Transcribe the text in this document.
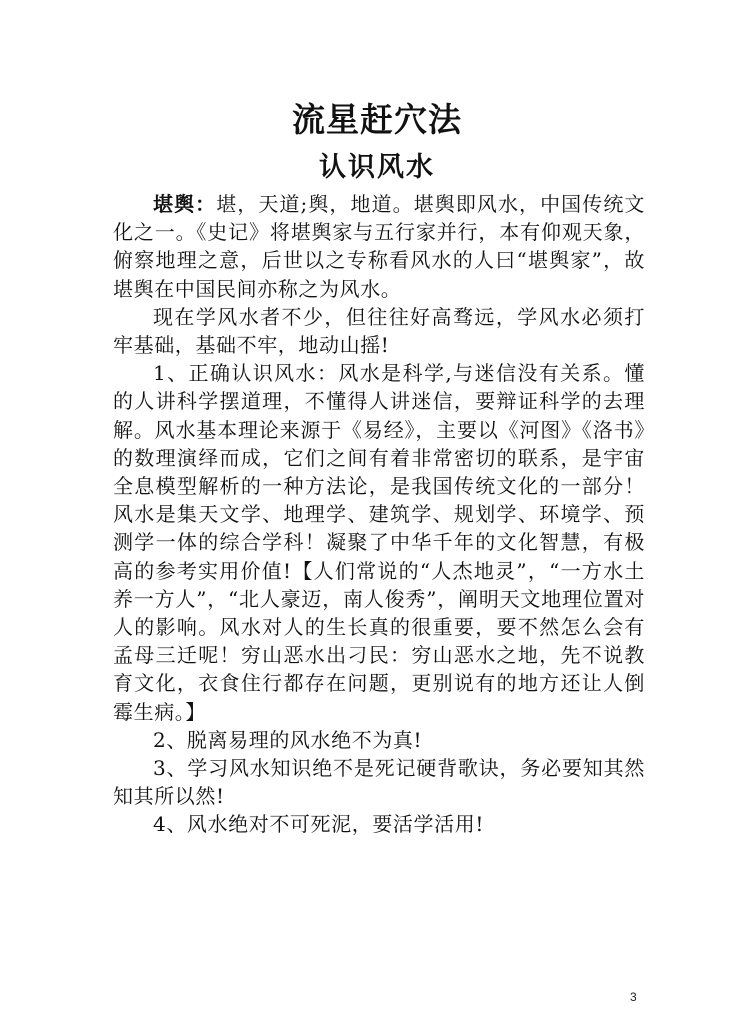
流星赶穴法
认识风水

堪舆：堪，天道;舆，地道。堪舆即风水，中国传统文化之一。《史记》将堪舆家与五行家并行，本有仰观天象，俯察地理之意，后世以之专称看风水的人曰“堪舆家”，故堪舆在中国民间亦称之为风水。

现在学风水者不少，但往往好高骛远，学风水必须打牢基础，基础不牢，地动山摇!

1、正确认识风水：风水是科学,与迷信没有关系。懂的人讲科学摆道理，不懂得人讲迷信，要辩证科学的去理解。风水基本理论来源于《易经》，主要以《河图》《洛书》的数理演绎而成，它们之间有着非常密切的联系，是宇宙全息模型解析的一种方法论，是我国传统文化的一部分！风水是集天文学、地理学、建筑学、规划学、环境学、预测学一体的综合学科！凝聚了中华千年的文化智慧，有极高的参考实用价值!【人们常说的“人杰地灵”，“一方水土养一方人”，“北人豪迈，南人俊秀”，阐明天文地理位置对人的影响。风水对人的生长真的很重要，要不然怎么会有孟母三迁呢！穷山恶水出刁民：穷山恶水之地，先不说教育文化，衣食住行都存在问题，更别说有的地方还让人倒霉生病。】

2、脱离易理的风水绝不为真!

3、学习风水知识绝不是死记硬背歌诀，务必要知其然知其所以然!

4、风水绝对不可死泥，要活学活用!

3
